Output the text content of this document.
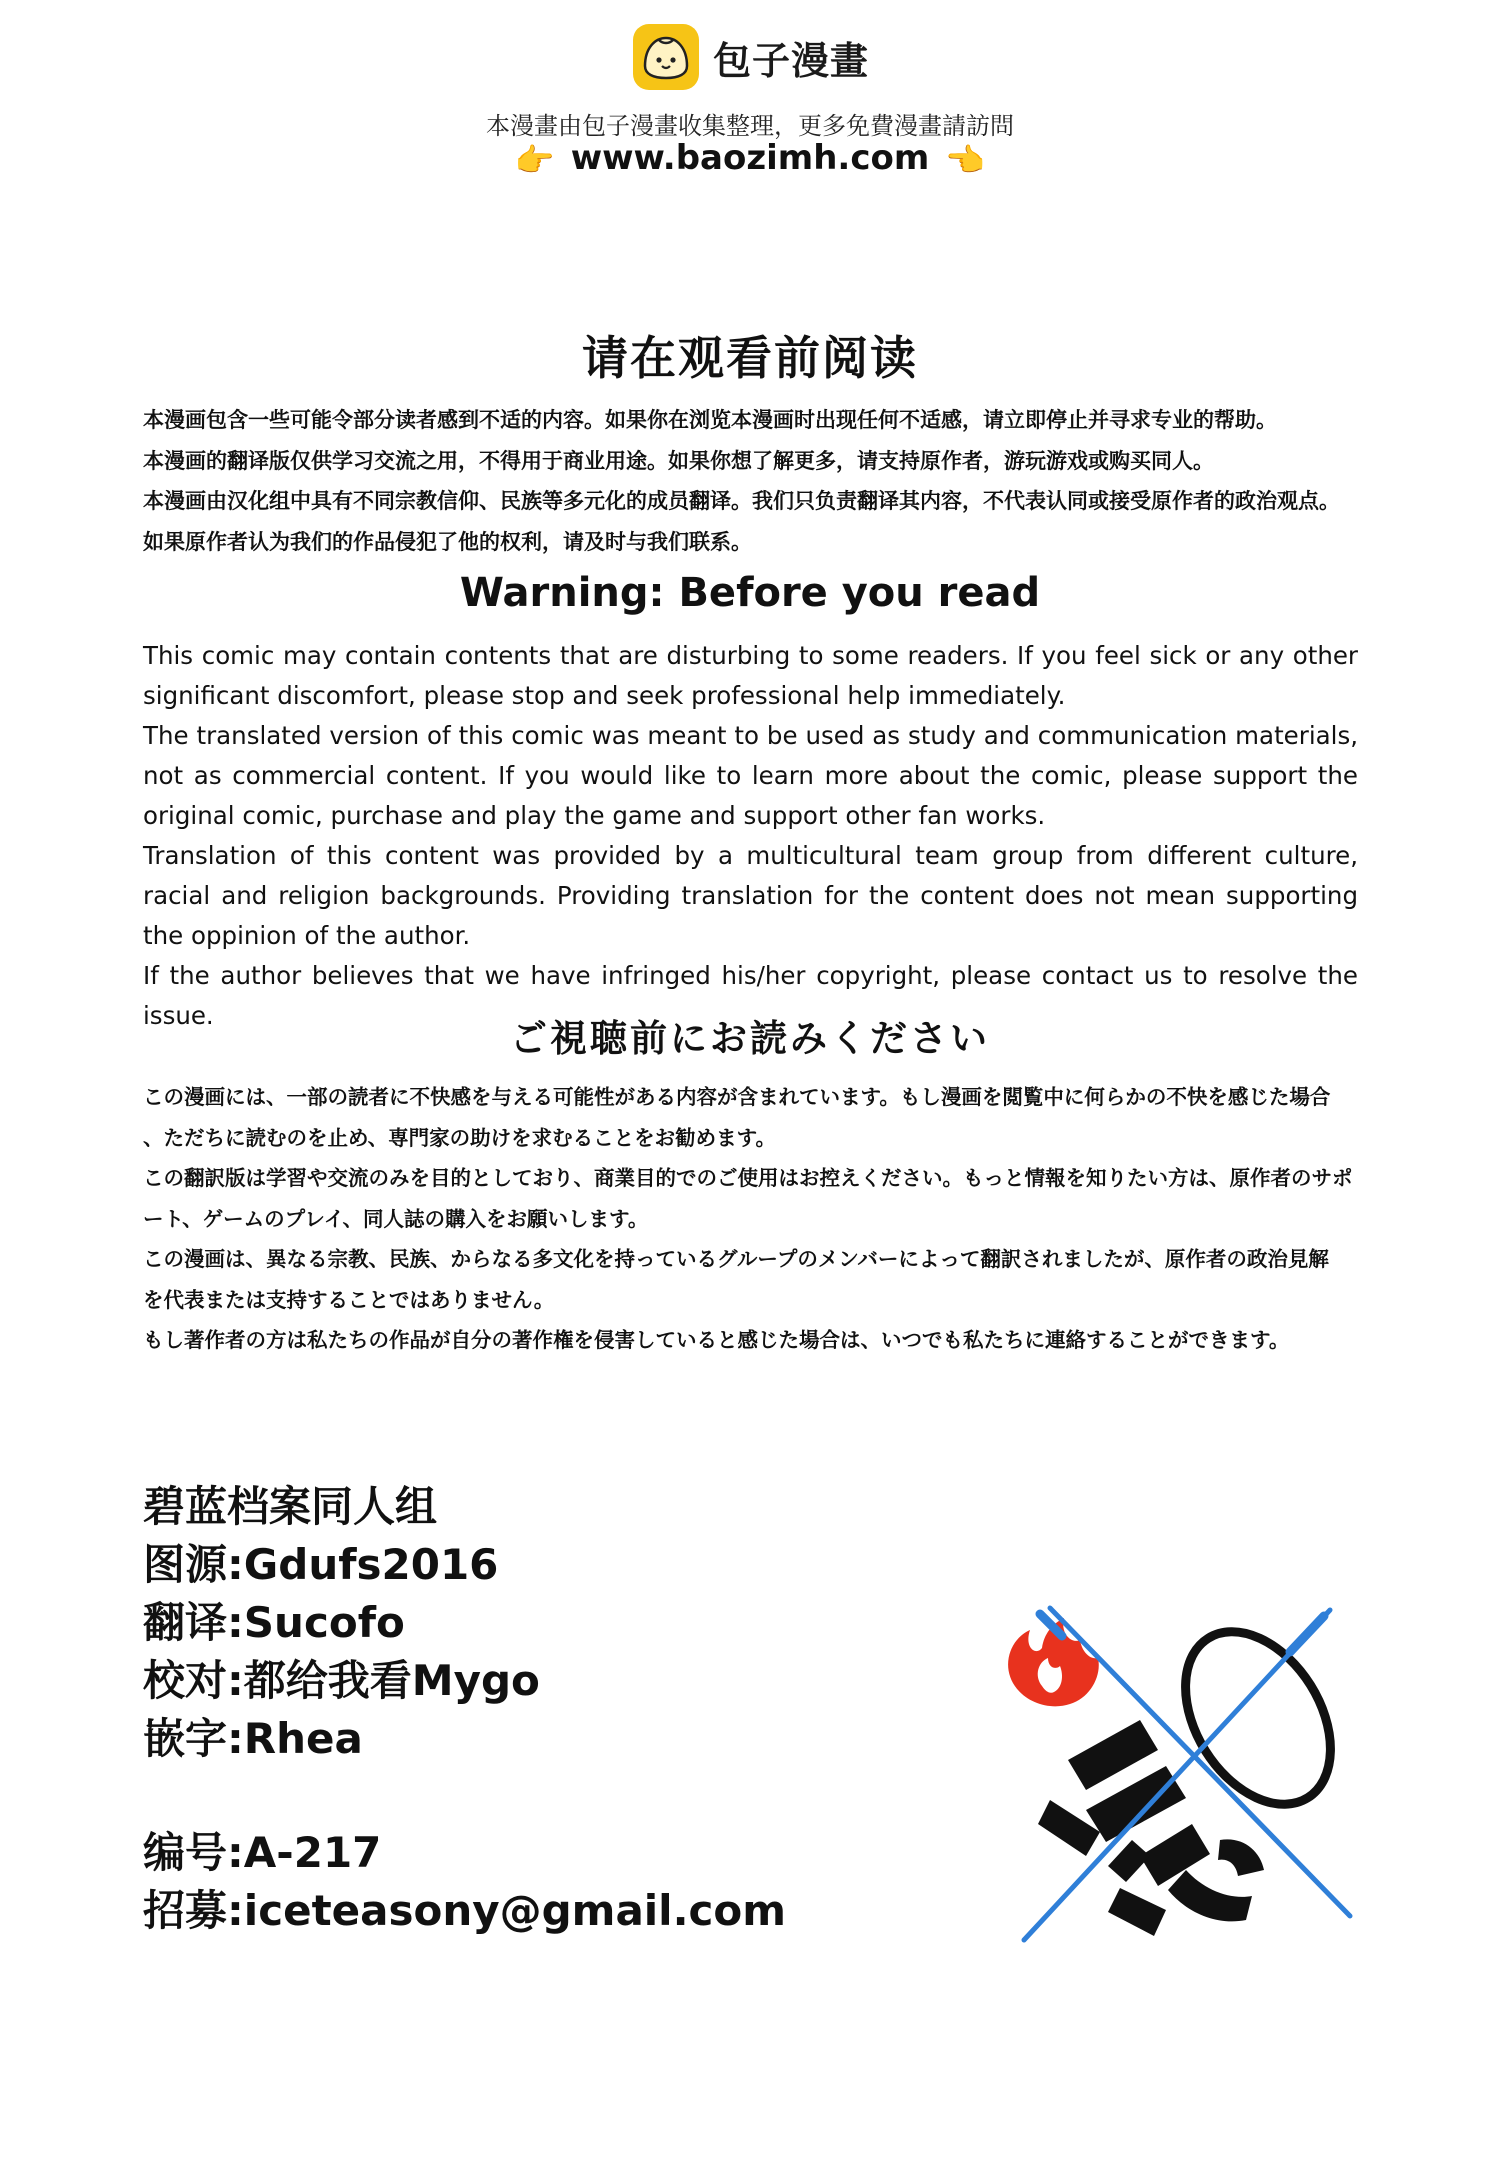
包子漫畫
本漫畫由包子漫畫收集整理，更多免費漫畫請訪問
👉 www.baozimh.com 👈
请在观看前阅读

本漫画包含一些可能令部分读者感到不适的内容。如果你在浏览本漫画时出现任何不适感，请立即停止并寻求专业的帮助。

本漫画的翻译版仅供学习交流之用，不得用于商业用途。如果你想了解更多，请支持原作者，游玩游戏或购买同人。

本漫画由汉化组中具有不同宗教信仰、民族等多元化的成员翻译。我们只负责翻译其内容，不代表认同或接受原作者的政治观点。

如果原作者认为我们的作品侵犯了他的权利，请及时与我们联系。

Warning: Before you read

This comic may contain contents that are disturbing to some readers. If you feel sick or any other significant discomfort, please stop and seek professional help immediately.

The translated version of this comic was meant to be used as study and communication materials, not as commercial content. If you would like to learn more about the comic, please support the original comic, purchase and play the game and support other fan works.

Translation of this content was provided by a multicultural team group from different culture, racial and religion backgrounds. Providing translation for the content does not mean supporting the oppinion of the author.

If the author believes that we have infringed his/her copyright, please contact us to resolve the issue.

ご視聴前にお読みください

この漫画には、一部の読者に不快感を与える可能性がある内容が含まれています。もし漫画を閲覧中に何らかの不快を感じた場合

、ただちに読むのを止め、専門家の助けを求むることをお勧めます。

この翻訳版は学習や交流のみを目的としており、商業目的でのご使用はお控えください。もっと情報を知りたい方は、原作者のサポ

ート、ゲームのプレイ、同人誌の購入をお願いします。

この漫画は、異なる宗教、民族、からなる多文化を持っているグループのメンバーによって翻訳されましたが、原作者の政治見解

を代表または支持することではありません。

もし著作者の方は私たちの作品が自分の著作権を侵害していると感じた場合は、いつでも私たちに連絡することができます。

碧蓝档案同人组
图源:Gdufs2016
翻译:Sucofo
校对:都给我看Mygo
嵌字:Rhea
编号:A-217
招募:iceteasony@gmail.com
